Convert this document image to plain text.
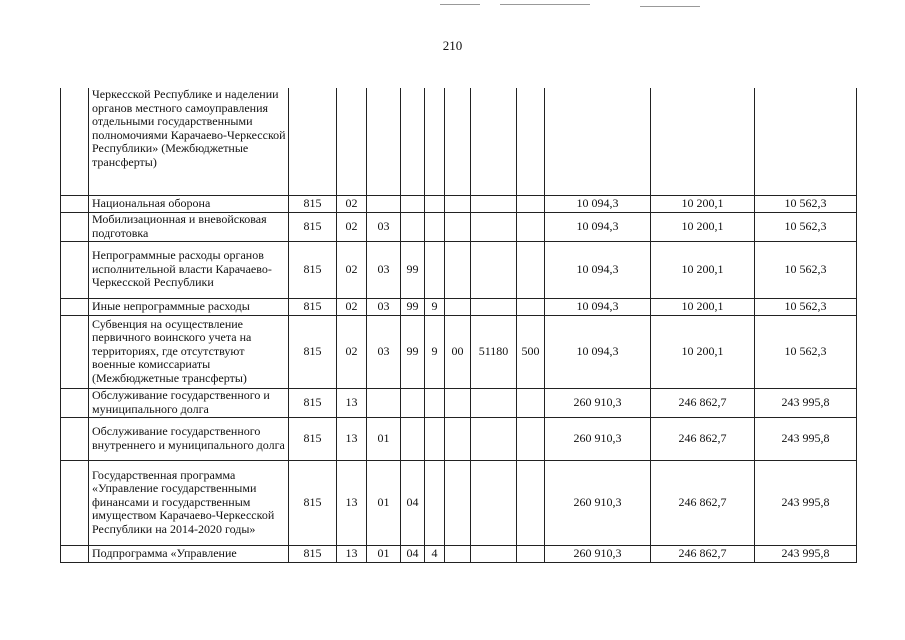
210
	Черкесской Республике и наделении органов местного самоуправления отдельными государственными полномочиями Карачаево-Черкесской Республики» (Межбюджетные трансферты)											
	Национальная оборона	815	02							10 094,3	10 200,1	10 562,3
	Мобилизационная и вневойсковая подготовка	815	02	03						10 094,3	10 200,1	10 562,3
	Непрограммные расходы органов исполнительной власти Карачаево-Черкесской Республики	815	02	03	99					10 094,3	10 200,1	10 562,3
	Иные непрограммные расходы	815	02	03	99	9				10 094,3	10 200,1	10 562,3
	Субвенция на осуществление первичного воинского учета на территориях, где отсутствуют военные комиссариаты (Межбюджетные трансферты)	815	02	03	99	9	00	51180	500	10 094,3	10 200,1	10 562,3
	Обслуживание государственного и муниципального долга	815	13							260 910,3	246 862,7	243 995,8
	Обслуживание государственного внутреннего и муниципального долга	815	13	01						260 910,3	246 862,7	243 995,8
	Государственная программа «Управление государственными финансами и государственным имуществом Карачаево-Черкесской Республики на 2014-2020 годы»	815	13	01	04					260 910,3	246 862,7	243 995,8
	Подпрограмма «Управление	815	13	01	04	4				260 910,3	246 862,7	243 995,8
